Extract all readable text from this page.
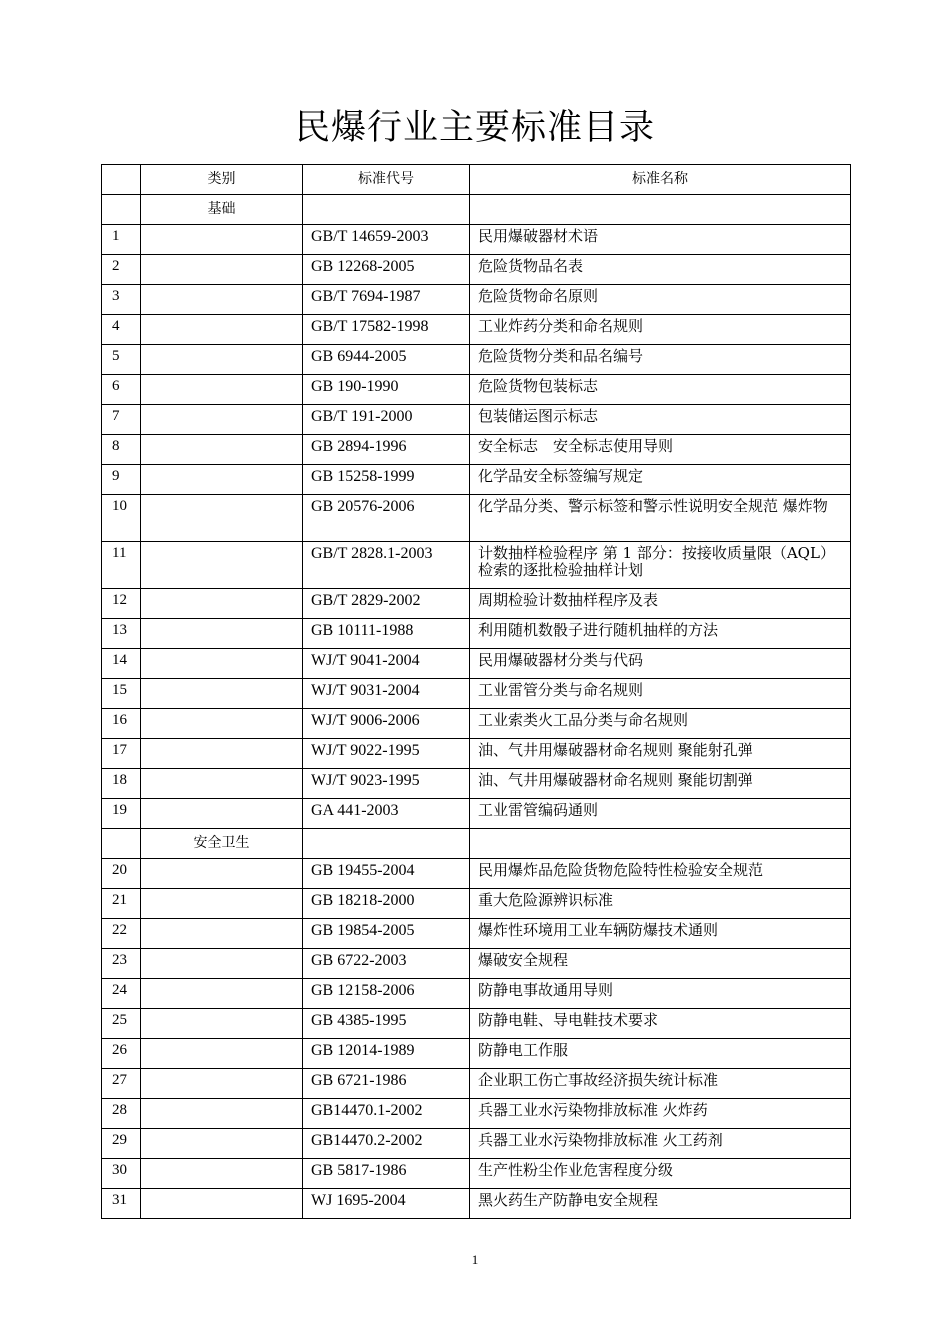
民爆行业主要标准目录
	类别	标准代号	标准名称
	基础		
1		GB/T 14659-2003	民用爆破器材术语
2		GB 12268-2005	危险货物品名表
3		GB/T 7694-1987	危险货物命名原则
4		GB/T 17582-1998	工业炸药分类和命名规则
5		GB 6944-2005	危险货物分类和品名编号
6		GB 190-1990	危险货物包装标志
7		GB/T 191-2000	包装储运图示标志
8		GB 2894-1996	安全标志　安全标志使用导则
9		GB 15258-1999	化学品安全标签编写规定
10		GB 20576-2006	化学品分类、警示标签和警示性说明安全规范 爆炸物
11		GB/T 2828.1-2003	计数抽样检验程序 第 1 部分：按接收质量限（AQL）检索的逐批检验抽样计划
12		GB/T 2829-2002	周期检验计数抽样程序及表
13		GB 10111-1988	利用随机数骰子进行随机抽样的方法
14		WJ/T 9041-2004	民用爆破器材分类与代码
15		WJ/T 9031-2004	工业雷管分类与命名规则
16		WJ/T 9006-2006	工业索类火工品分类与命名规则
17		WJ/T 9022-1995	油、气井用爆破器材命名规则 聚能射孔弹
18		WJ/T 9023-1995	油、气井用爆破器材命名规则 聚能切割弹
19		GA 441-2003	工业雷管编码通则
	安全卫生		
20		GB 19455-2004	民用爆炸品危险货物危险特性检验安全规范
21		GB 18218-2000	重大危险源辨识标准
22		GB 19854-2005	爆炸性环境用工业车辆防爆技术通则
23		GB 6722-2003	爆破安全规程
24		GB 12158-2006	防静电事故通用导则
25		GB 4385-1995	防静电鞋、导电鞋技术要求
26		GB 12014-1989	防静电工作服
27		GB 6721-1986	企业职工伤亡事故经济损失统计标准
28		GB14470.1-2002	兵器工业水污染物排放标准 火炸药
29		GB14470.2-2002	兵器工业水污染物排放标准 火工药剂
30		GB 5817-1986	生产性粉尘作业危害程度分级
31		WJ 1695-2004	黑火药生产防静电安全规程
1
